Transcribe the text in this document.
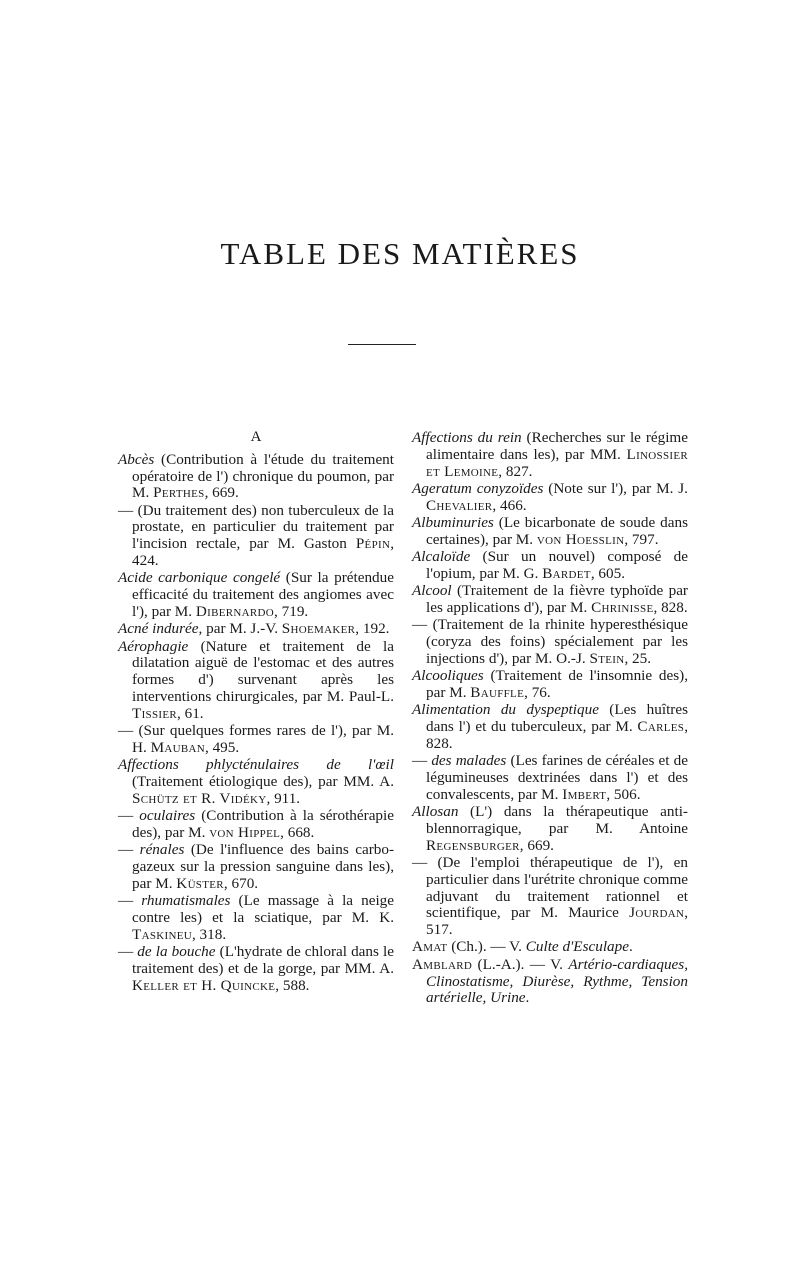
TABLE DES MATIÈRES
A

Abcès (Contribution à l'étude du traitement opératoire de l') chronique du poumon, par M. Perthes, 669.

— (Du traitement des) non tuberculeux de la prostate, en particulier du traitement par l'incision rectale, par M. Gaston Pépin, 424.

Acide carbonique congelé (Sur la prétendue efficacité du traitement des angiomes avec l'), par M. Dibernardo, 719.

Acné indurée, par M. J.-V. Shoemaker, 192.

Aérophagie (Nature et traitement de la dilatation aiguë de l'estomac et des autres formes d') survenant après les interventions chirurgicales, par M. Paul-L. Tissier, 61.

— (Sur quelques formes rares de l'), par M. H. Mauban, 495.

Affections phlycténulaires de l'œil (Traitement étiologique des), par MM. A. Schütz et R. Vidéky, 911.

— oculaires (Contribution à la sérothérapie des), par M. von Hippel, 668.

— rénales (De l'influence des bains carbo-gazeux sur la pression sanguine dans les), par M. Küster, 670.

— rhumatismales (Le massage à la neige contre les) et la sciatique, par M. K. Taskineu, 318.

— de la bouche (L'hydrate de chloral dans le traitement des) et de la gorge, par MM. A. Keller et H. Quincke, 588.

Affections du rein (Recherches sur le régime alimentaire dans les), par MM. Linossier et Lemoine, 827.

Ageratum conyzoïdes (Note sur l'), par M. J. Chevalier, 466.

Albuminuries (Le bicarbonate de soude dans certaines), par M. von Hoesslin, 797.

Alcaloïde (Sur un nouvel) composé de l'opium, par M. G. Bardet, 605.

Alcool (Traitement de la fièvre typhoïde par les applications d'), par M. Chrinisse, 828.

— (Traitement de la rhinite hyperesthésique (coryza des foins) spécialement par les injections d'), par M. O.-J. Stein, 25.

Alcooliques (Traitement de l'insomnie des), par M. Bauffle, 76.

Alimentation du dyspeptique (Les huîtres dans l') et du tuberculeux, par M. Carles, 828.

— des malades (Les farines de céréales et de légumineuses dextrinées dans l') et des convalescents, par M. Imbert, 506.

Allosan (L') dans la thérapeutique anti-blennorragique, par M. Antoine Regensburger, 669.

— (De l'emploi thérapeutique de l'), en particulier dans l'urétrite chronique comme adjuvant du traitement rationnel et scientifique, par M. Maurice Jourdan, 517.

Amat (Ch.). — V. Culte d'Esculape.

Amblard (L.-A.). — V. Artério-cardiaques, Clinostatisme, Diurèse, Rythme, Tension artérielle, Urine.
